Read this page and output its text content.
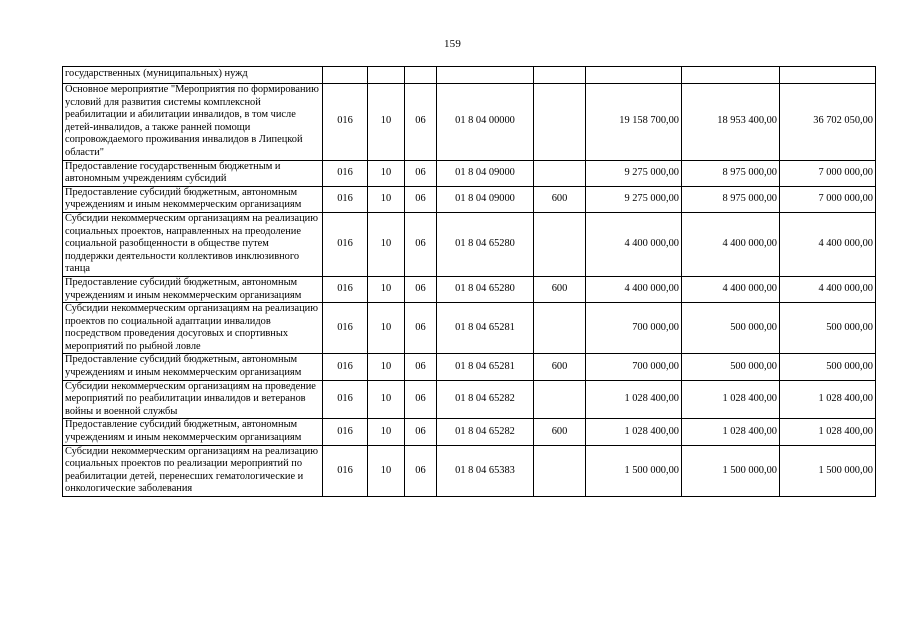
159
государственных (муниципальных) нужд								
Основное мероприятие "Мероприятия по формированию условий для развития системы комплексной реабилитации и абилитации инвалидов, в том числе детей-инвалидов, а также ранней помощи сопровождаемого проживания инвалидов в Липецкой области"	016	10	06	01 8 04 00000		19 158 700,00	18 953 400,00	36 702 050,00
Предоставление государственным бюджетным и автономным учреждениям субсидий	016	10	06	01 8 04 09000		9 275 000,00	8 975 000,00	7 000 000,00
Предоставление субсидий бюджетным, автономным учреждениям и иным некоммерческим организациям	016	10	06	01 8 04 09000	600	9 275 000,00	8 975 000,00	7 000 000,00
Субсидии некоммерческим организациям на реализацию социальных проектов, направленных на преодоление социальной разобщенности в обществе путем поддержки деятельности коллективов инклюзивного танца	016	10	06	01 8 04 65280		4 400 000,00	4 400 000,00	4 400 000,00
Предоставление субсидий бюджетным, автономным учреждениям и иным некоммерческим организациям	016	10	06	01 8 04 65280	600	4 400 000,00	4 400 000,00	4 400 000,00
Субсидии некоммерческим организациям на реализацию проектов по социальной адаптации инвалидов посредством проведения досуговых и спортивных мероприятий по рыбной ловле	016	10	06	01 8 04 65281		700 000,00	500 000,00	500 000,00
Предоставление субсидий бюджетным, автономным учреждениям и иным некоммерческим организациям	016	10	06	01 8 04 65281	600	700 000,00	500 000,00	500 000,00
Субсидии некоммерческим организациям на проведение мероприятий по реабилитации инвалидов и ветеранов войны и военной службы	016	10	06	01 8 04 65282		1 028 400,00	1 028 400,00	1 028 400,00
Предоставление субсидий бюджетным, автономным учреждениям и иным некоммерческим организациям	016	10	06	01 8 04 65282	600	1 028 400,00	1 028 400,00	1 028 400,00
Субсидии некоммерческим организациям на реализацию социальных проектов по реализации мероприятий по реабилитации детей, перенесших гематологические и онкологические заболевания	016	10	06	01 8 04 65383		1 500 000,00	1 500 000,00	1 500 000,00
